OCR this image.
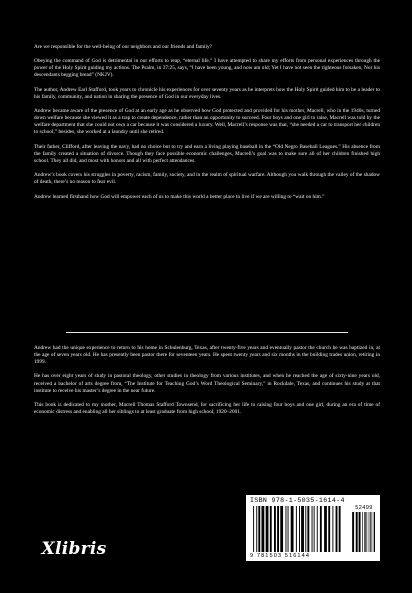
Are we responsible for the well-being of our neighbors and our friends and family?

Obeying the command of God is detrimental in our efforts to reap, “eternal life.” I have attempted to share my efforts from personal experiences through the power of the Holy Spirit guiding my actions. The Psalm, in 37:25, says, “I have been young, and now am old; Yet I have not seen the righteous forsaken, Nor his descendants begging bread” (NKJV).

The author, Andrew Earl Stafford, took years to chronicle his experiences for over seventy years as he interprets how the Holy Spirit guided him to be a leader to his family, community, and nation in sharing the presence of God in our everyday lives.

Andrew became aware of the presence of God at an early age as he observed how God protected and provided for his mother, Macrell, who in the 1940s, turned down welfare because she viewed it as a trap to create dependence, rather than an opportunity to succeed. Four boys and one girl to raise, Macrell was told by the welfare department that she could not own a car because it was considered a luxury. Well, Macrell’s response was that, “she needed a car to transport her children to school,” besides, she worked at a laundry until she retired.

Their father, Clifford, after leaving the navy, had no choice but to try and earn a living playing baseball in the “Old Negro Baseball Leagues.” His absence from the family created a situation of divorce. Though they face possible economic challenges, Macrell’s goal was to make sure all of her children finished high school. They all did, and most with honors and all with perfect attendances.

Andrew’s book covers his struggles in poverty, racism, family, society, and in the realm of spiritual warfare. Although you walk through the valley of the shadow of death, there’s no reason to fear evil.

Andrew learned firsthand how God will empower each of us to make this world a better place to live if we are willing to “wait on him.”

Andrew had the unique experience to return to his home in Schulenburg, Texas, after twenty-five years and eventually pastor the church he was baptized in, at the age of seven years old. He has presently been pastor there for seventeen years. He spent twenty years and six months in the building trades union, retiring in 1999.

He has over eight years of study in pastoral theology, other studies in theology from various institutes, and when he reached the age of sixty-nine years old, received a bachelor of arts degree from, “The Institute for Teaching God’s Word Theological Seminary,” in Rockdale, Texas, and continues his study at that institute to receive his master’s degree in the near future.

This book is dedicated to my mother, Macrell Thomas Stafford Townsend, for sacrificing her life to raising four boys and one girl, during an era of time of economic distress and enabling all her siblings to at least graduate from high school, 1920–2001.

Xlibris
ISBN 978-1-5035-1614-4
52499
9 781503 516144
